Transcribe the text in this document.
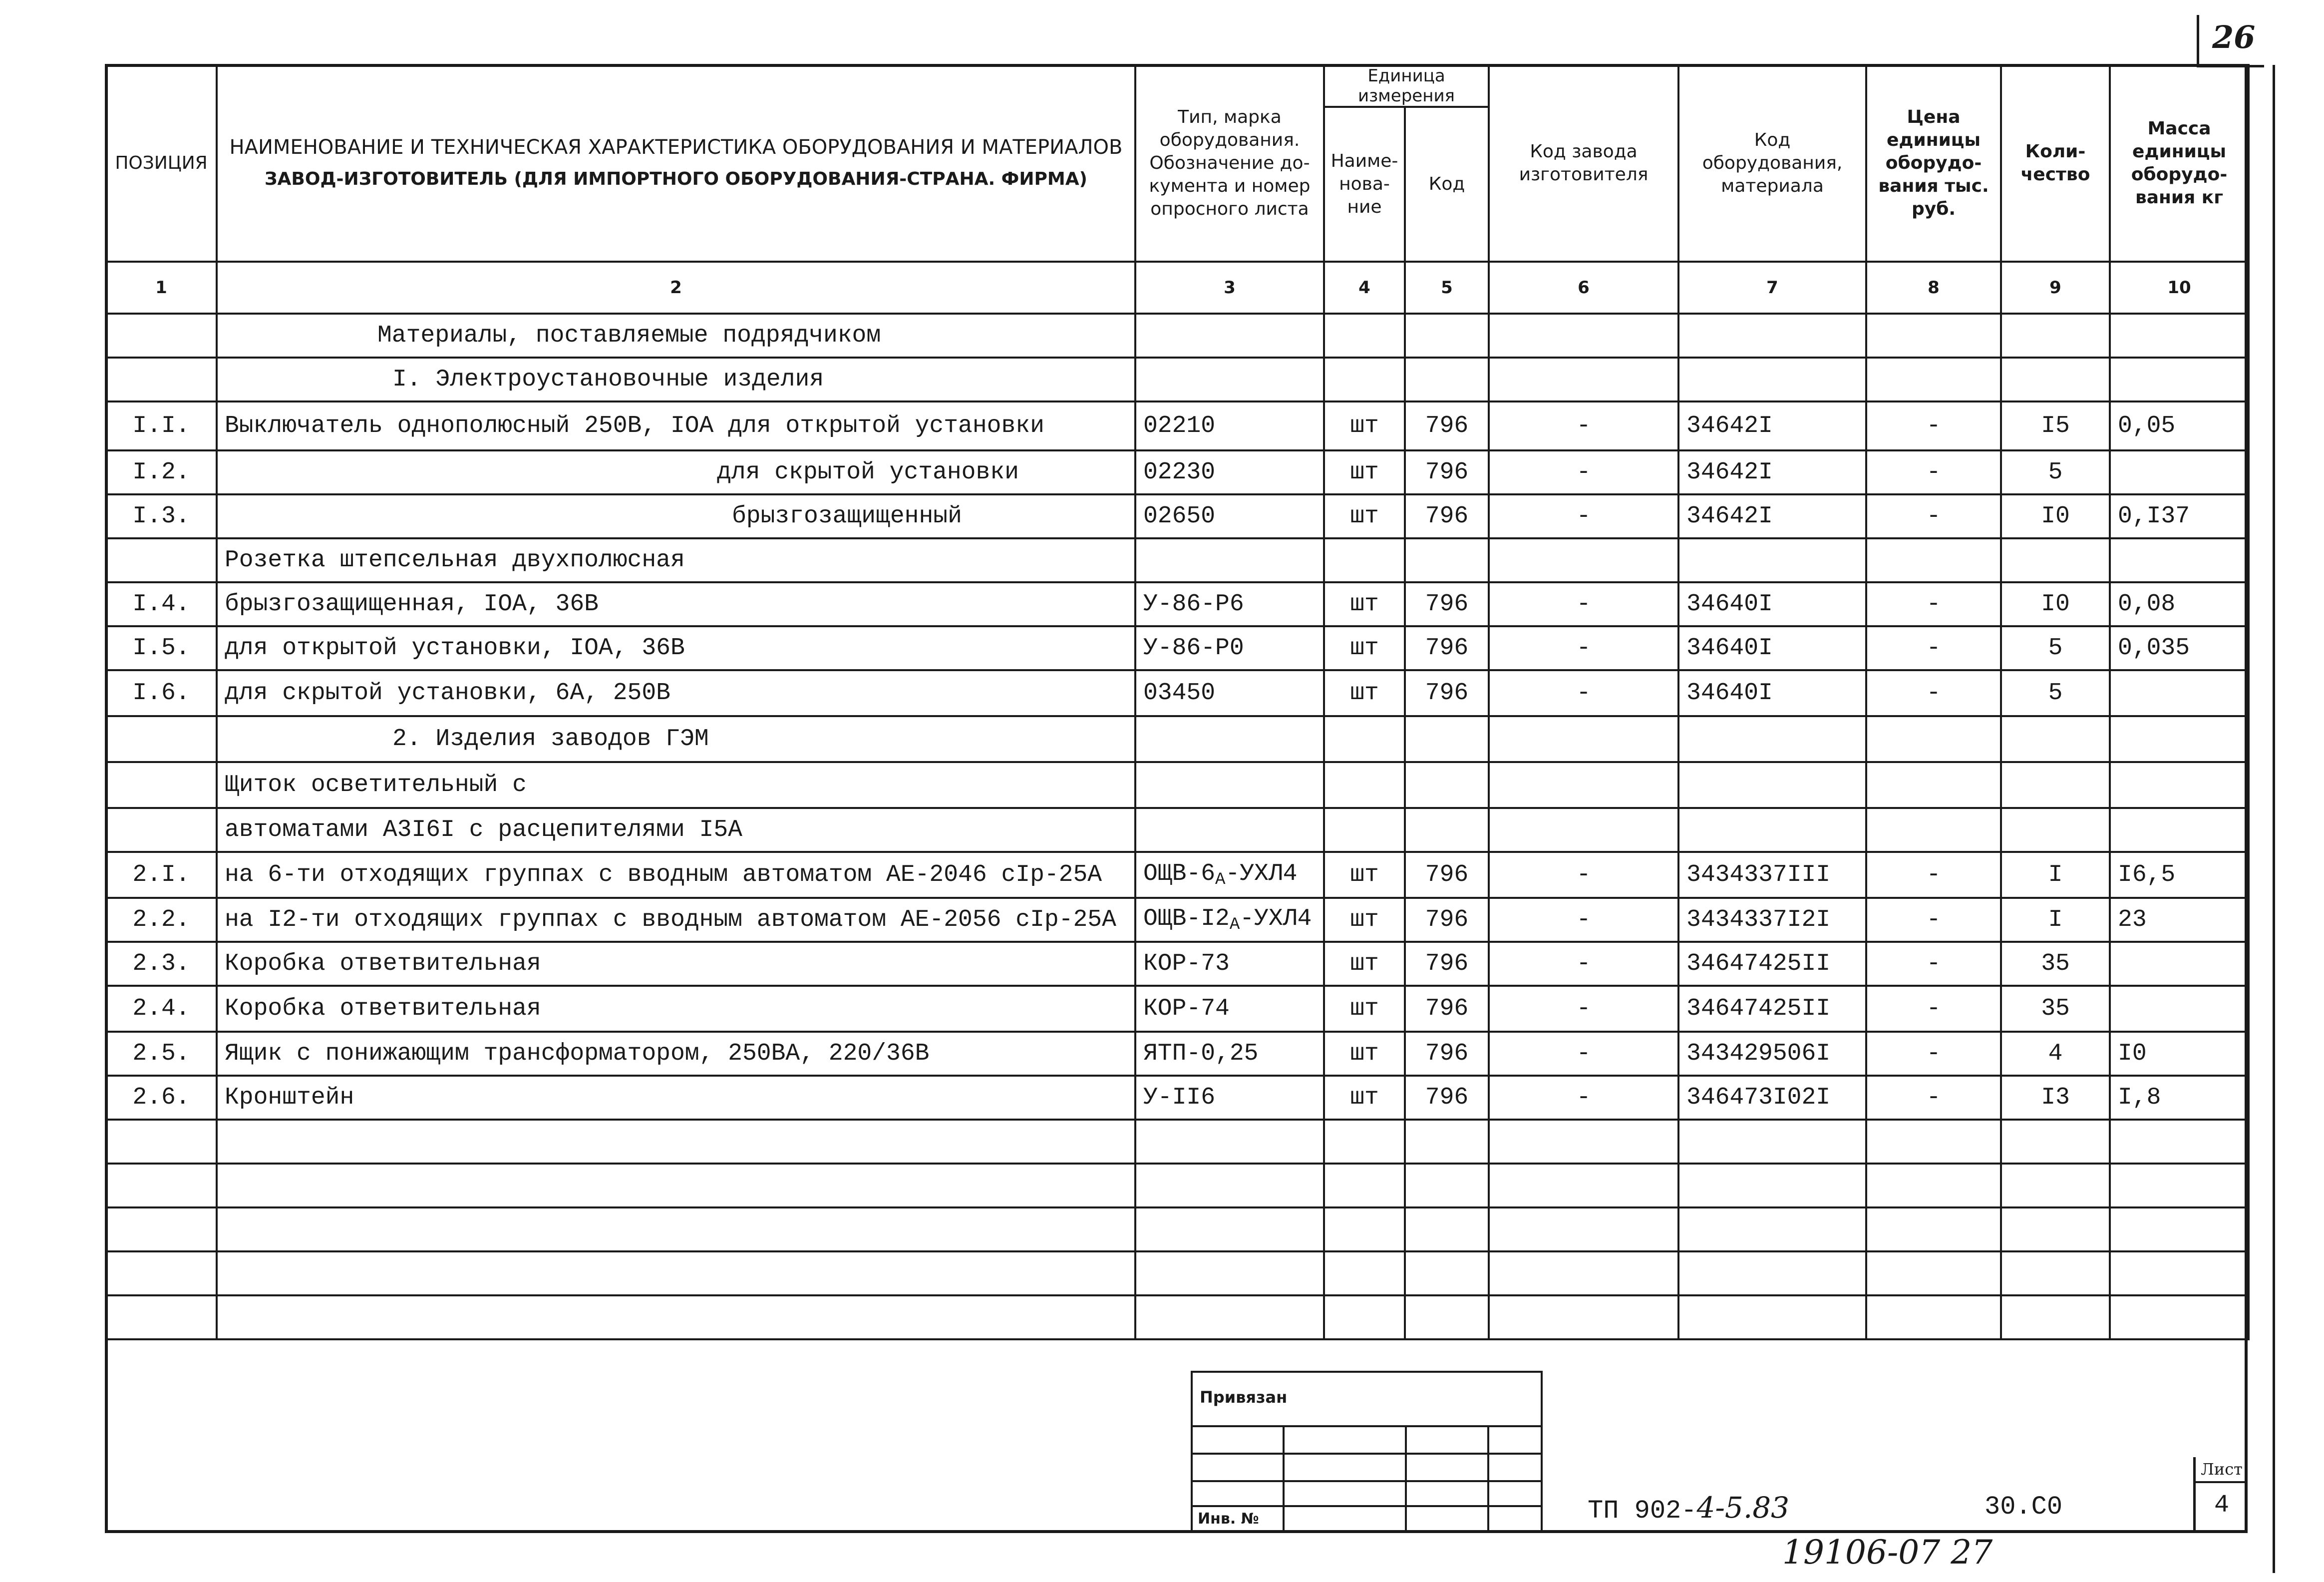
26
ПОЗИЦИЯ	НАИМЕНОВАНИЕ И ТЕХНИЧЕСКАЯ ХАРАКТЕРИСТИКА ОБОРУДОВАНИЯ И МАТЕРИАЛОВ
ЗАВОД-ИЗГОТОВИТЕЛЬ (ДЛЯ ИМПОРТНОГО ОБОРУДОВАНИЯ-СТРАНА. ФИРМА)	Тип, марка оборудования. Обозначение до-кумента и номер опросного листа	Единица измерения		Код завода изготовителя	Код оборудования, материала	Цена единицы оборудо-вания тыс. руб.	Коли-чество	Масса единицы оборудо-вания кг
			Наиме-нова-ние	Код					
1	2	3	4	5	6	7	8	9	10
	Материалы, поставляемые подрядчиком								
	I. Электроустановочные изделия								
I.I.	Выключатель однополюсный 250В, IОА для открытой установки	02210	шт	796	-	34642I	-	I5	0,05
I.2.	для скрытой установки	02230	шт	796	-	34642I	-	5	
I.3.	брызгозащищенный	02650	шт	796	-	34642I	-	I0	0,I37
	Розетка штепсельная двухполюсная								
I.4.	брызгозащищенная, IОА, 36В	У-86-Р6	шт	796	-	34640I	-	I0	0,08
I.5.	для открытой установки, IОА, 36В	У-86-Р0	шт	796	-	34640I	-	5	0,035
I.6.	для скрытой установки, 6А, 250В	03450	шт	796	-	34640I	-	5	
	2. Изделия заводов ГЭМ								
	Щиток осветительный с								
	автоматами А3I6I с расцепителями I5А								
2.I.	на 6-ти отходящих группах с вводным автоматом АЕ-2046 cIр-25А	ОЩВ-$6_А-УХЛ4$	шт	796	-	3434337III	-	I	I6,5
2.2.	на I2-ти отходящих группах с вводным автоматом АЕ-2056 cIр-25А	ОЩВ-$I2_А-УХЛ4$	шт	796	-	3434337I2I	-	I	23
2.3.	Коробка ответвительная	КОР-73	шт	796	-	34647425II	-	35	
2.4.	Коробка ответвительная	КОР-74	шт	796	-	34647425II	-	35	
2.5.	Ящик с понижающим трансформатором, 250ВА, 220/36В	ЯТП-0,25	шт	796	-	343429506I	-	4	I0
2.6.	Кронштейн	У-II6	шт	796	-	346473I02I	-	I3	I,8

Привязан
Инв. №	ТП 902-4-5.83	30.С0
Лист
4
19106-07 27
